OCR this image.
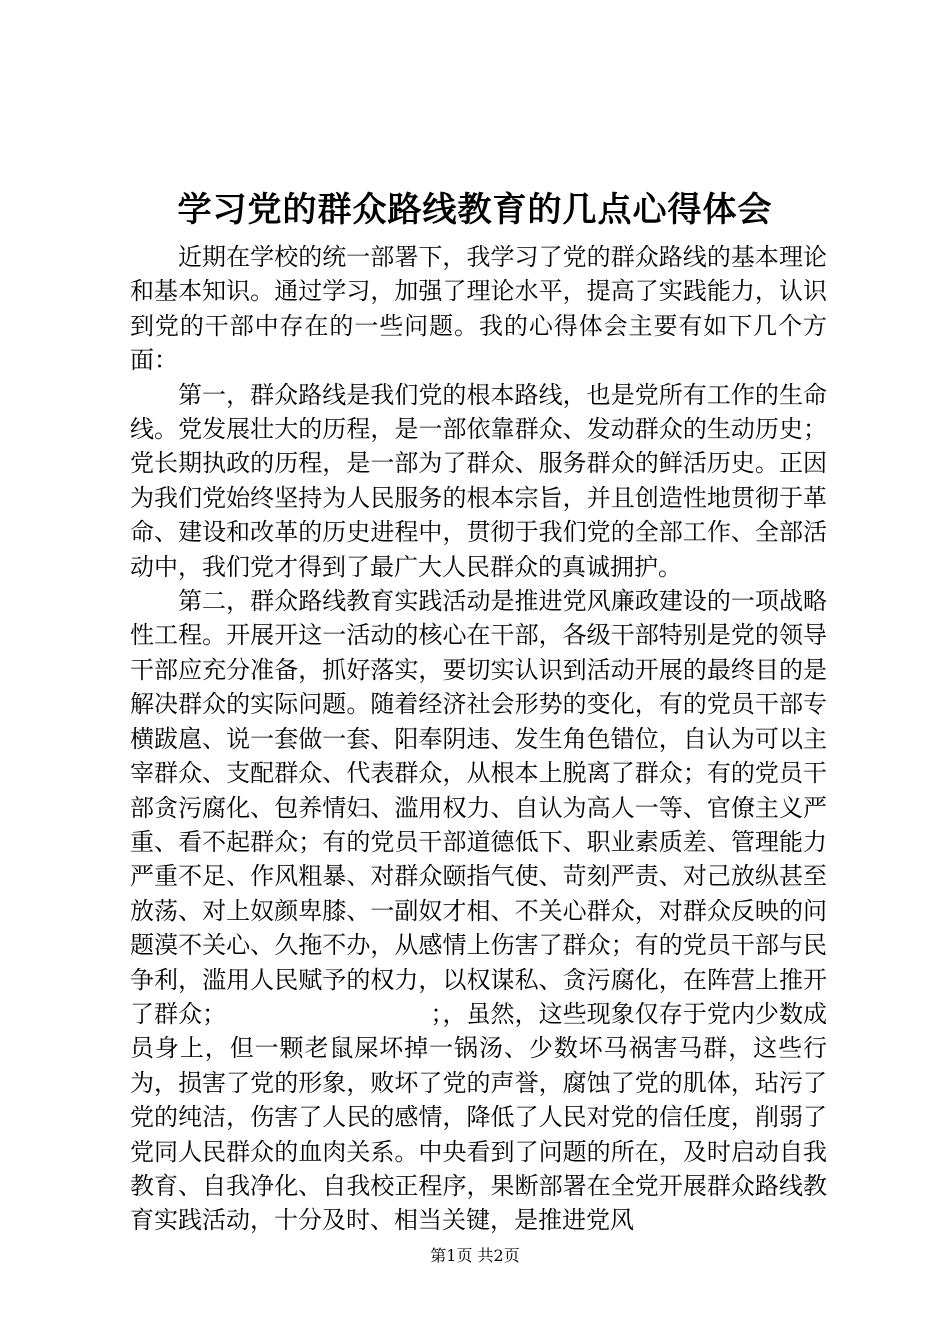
学习党的群众路线教育的几点心得体会

近期在学校的统一部署下，我学习了党的群众路线的基本理论和基本知识。通过学习，加强了理论水平，提高了实践能力，认识到党的干部中存在的一些问题。我的心得体会主要有如下几个方面：

第一，群众路线是我们党的根本路线，也是党所有工作的生命线。党发展壮大的历程，是一部依靠群众、发动群众的生动历史；党长期执政的历程，是一部为了群众、服务群众的鲜活历史。正因为我们党始终坚持为人民服务的根本宗旨，并且创造性地贯彻于革命、建设和改革的历史进程中，贯彻于我们党的全部工作、全部活动中，我们党才得到了最广大人民群众的真诚拥护。

第二，群众路线教育实践活动是推进党风廉政建设的一项战略性工程。开展开这一活动的核心在干部，各级干部特别是党的领导干部应充分准备，抓好落实，要切实认识到活动开展的最终目的是解决群众的实际问题。随着经济社会形势的变化，有的党员干部专横跋扈、说一套做一套、阳奉阴违、发生角色错位，自认为可以主宰群众、支配群众、代表群众，从根本上脱离了群众；有的党员干部贪污腐化、包养情妇、滥用权力、自认为高人一等、官僚主义严重、看不起群众；有的党员干部道德低下、职业素质差、管理能力严重不足、作风粗暴、对群众颐指气使、苛刻严责、对己放纵甚至放荡、对上奴颜卑膝、一副奴才相、不关心群众，对群众反映的问题漠不关心、久拖不办，从感情上伤害了群众；有的党员干部与民争利，滥用人民赋予的权力，以权谋私、贪污腐化，在阵营上推开了群众；　　　　　　　　　；，虽然，这些现象仅存于党内少数成员身上，但一颗老鼠屎坏掉一锅汤、少数坏马祸害马群，这些行为，损害了党的形象，败坏了党的声誉，腐蚀了党的肌体，玷污了党的纯洁，伤害了人民的感情，降低了人民对党的信任度，削弱了党同人民群众的血肉关系。中央看到了问题的所在，及时启动自我教育、自我净化、自我校正程序，果断部署在全党开展群众路线教育实践活动，十分及时、相当关键，是推进党风

第1页 共2页
